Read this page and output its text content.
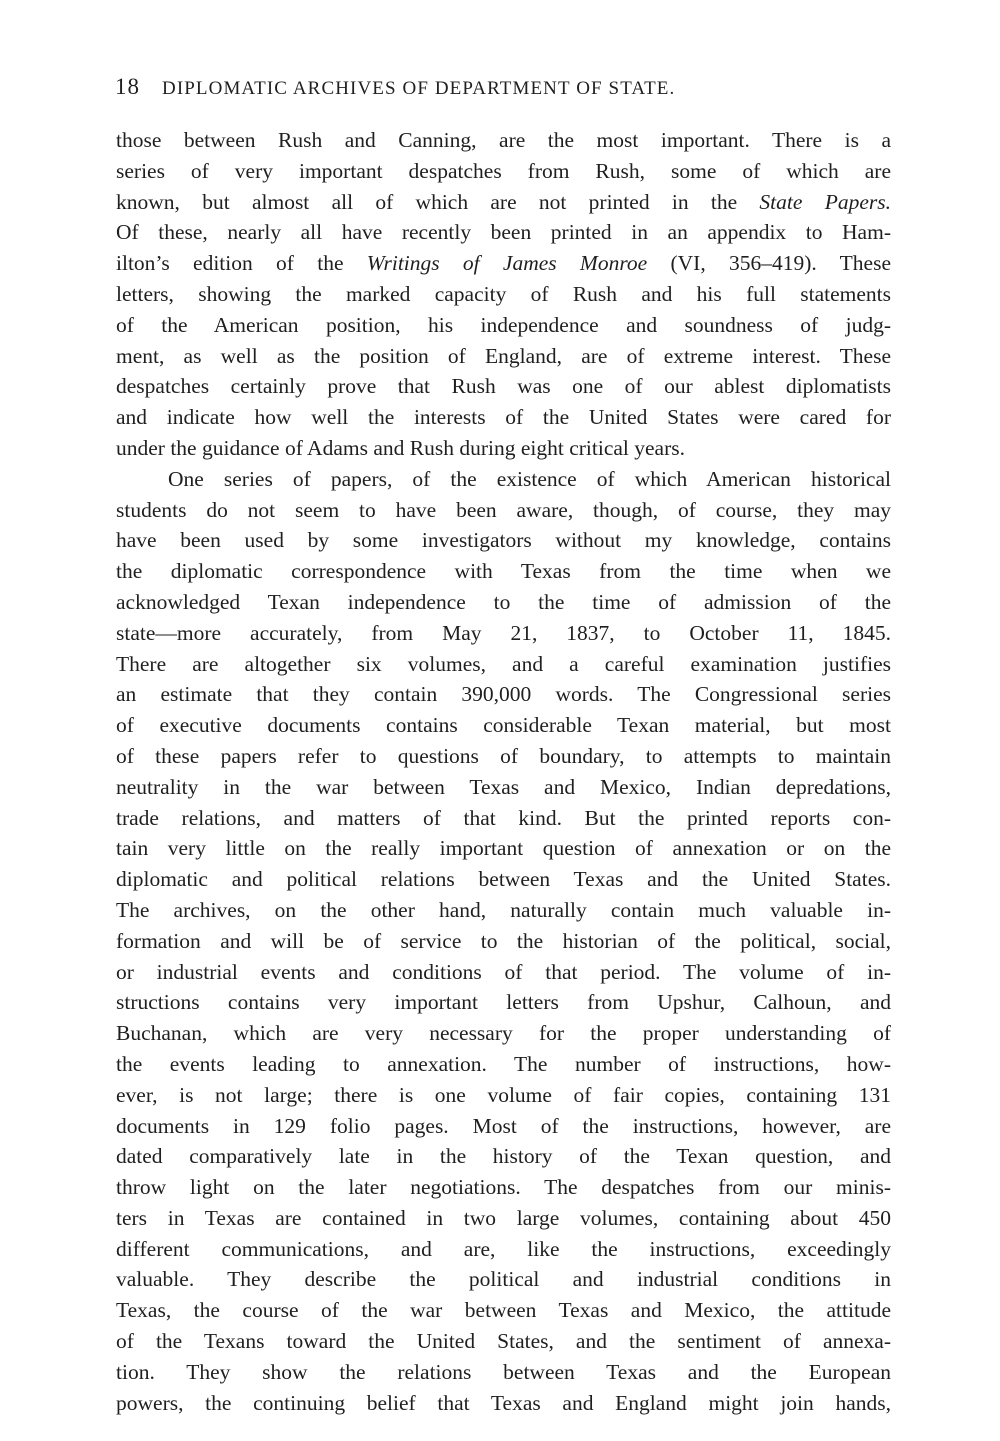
18 DIPLOMATIC ARCHIVES OF DEPARTMENT OF STATE.
those between Rush and Canning, are the most important. There is a
series of very important despatches from Rush, some of which are
known, but almost all of which are not printed in the State Papers.
Of these, nearly all have recently been printed in an appendix to Ham-
ilton’s edition of the Writings of James Monroe (VI, 356–419). These
letters, showing the marked capacity of Rush and his full statements
of the American position, his independence and soundness of judg-
ment, as well as the position of England, are of extreme interest. These
despatches certainly prove that Rush was one of our ablest diplomatists
and indicate how well the interests of the United States were cared for
under the guidance of Adams and Rush during eight critical years.
One series of papers, of the existence of which American historical
students do not seem to have been aware, though, of course, they may
have been used by some investigators without my knowledge, contains
the diplomatic correspondence with Texas from the time when we
acknowledged Texan independence to the time of admission of the
state—more accurately, from May 21, 1837, to October 11, 1845.
There are altogether six volumes, and a careful examination justifies
an estimate that they contain 390,000 words. The Congressional series
of executive documents contains considerable Texan material, but most
of these papers refer to questions of boundary, to attempts to maintain
neutrality in the war between Texas and Mexico, Indian depredations,
trade relations, and matters of that kind. But the printed reports con-
tain very little on the really important question of annexation or on the
diplomatic and political relations between Texas and the United States.
The archives, on the other hand, naturally contain much valuable in-
formation and will be of service to the historian of the political, social,
or industrial events and conditions of that period. The volume of in-
structions contains very important letters from Upshur, Calhoun, and
Buchanan, which are very necessary for the proper understanding of
the events leading to annexation. The number of instructions, how-
ever, is not large; there is one volume of fair copies, containing 131
documents in 129 folio pages. Most of the instructions, however, are
dated comparatively late in the history of the Texan question, and
throw light on the later negotiations. The despatches from our minis-
ters in Texas are contained in two large volumes, containing about 450
different communications, and are, like the instructions, exceedingly
valuable. They describe the political and industrial conditions in
Texas, the course of the war between Texas and Mexico, the attitude
of the Texans toward the United States, and the sentiment of annexa-
tion. They show the relations between Texas and the European
powers, the continuing belief that Texas and England might join hands,
